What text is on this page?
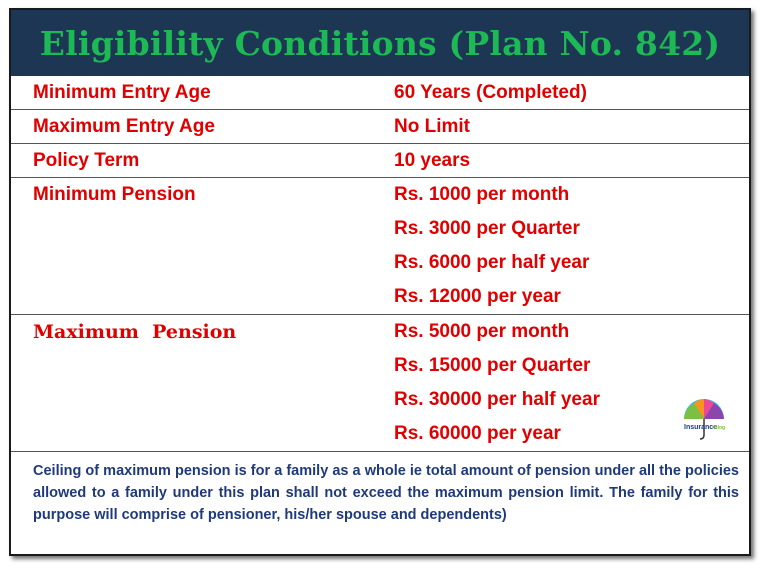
Eligibility Conditions (Plan No. 842)
Minimum Entry Age	60 Years (Completed)
Maximum Entry Age	No Limit
Policy Term	10 years
Minimum Pension	Rs. 1000 per month
Rs. 3000 per Quarter
Rs. 6000 per half year
Rs. 12000 per year
Maximum  Pension	Rs. 5000 per month
Rs. 15000 per Quarter
Rs. 30000 per half year
Rs. 60000 per year
Ceiling of maximum pension is for a family as a whole ie total amount of pension under all the policies allowed to a family under this plan shall not exceed the maximum pension limit. The family for this purpose will comprise of pensioner, his/her spouse and dependents)
Insurance
Blog
